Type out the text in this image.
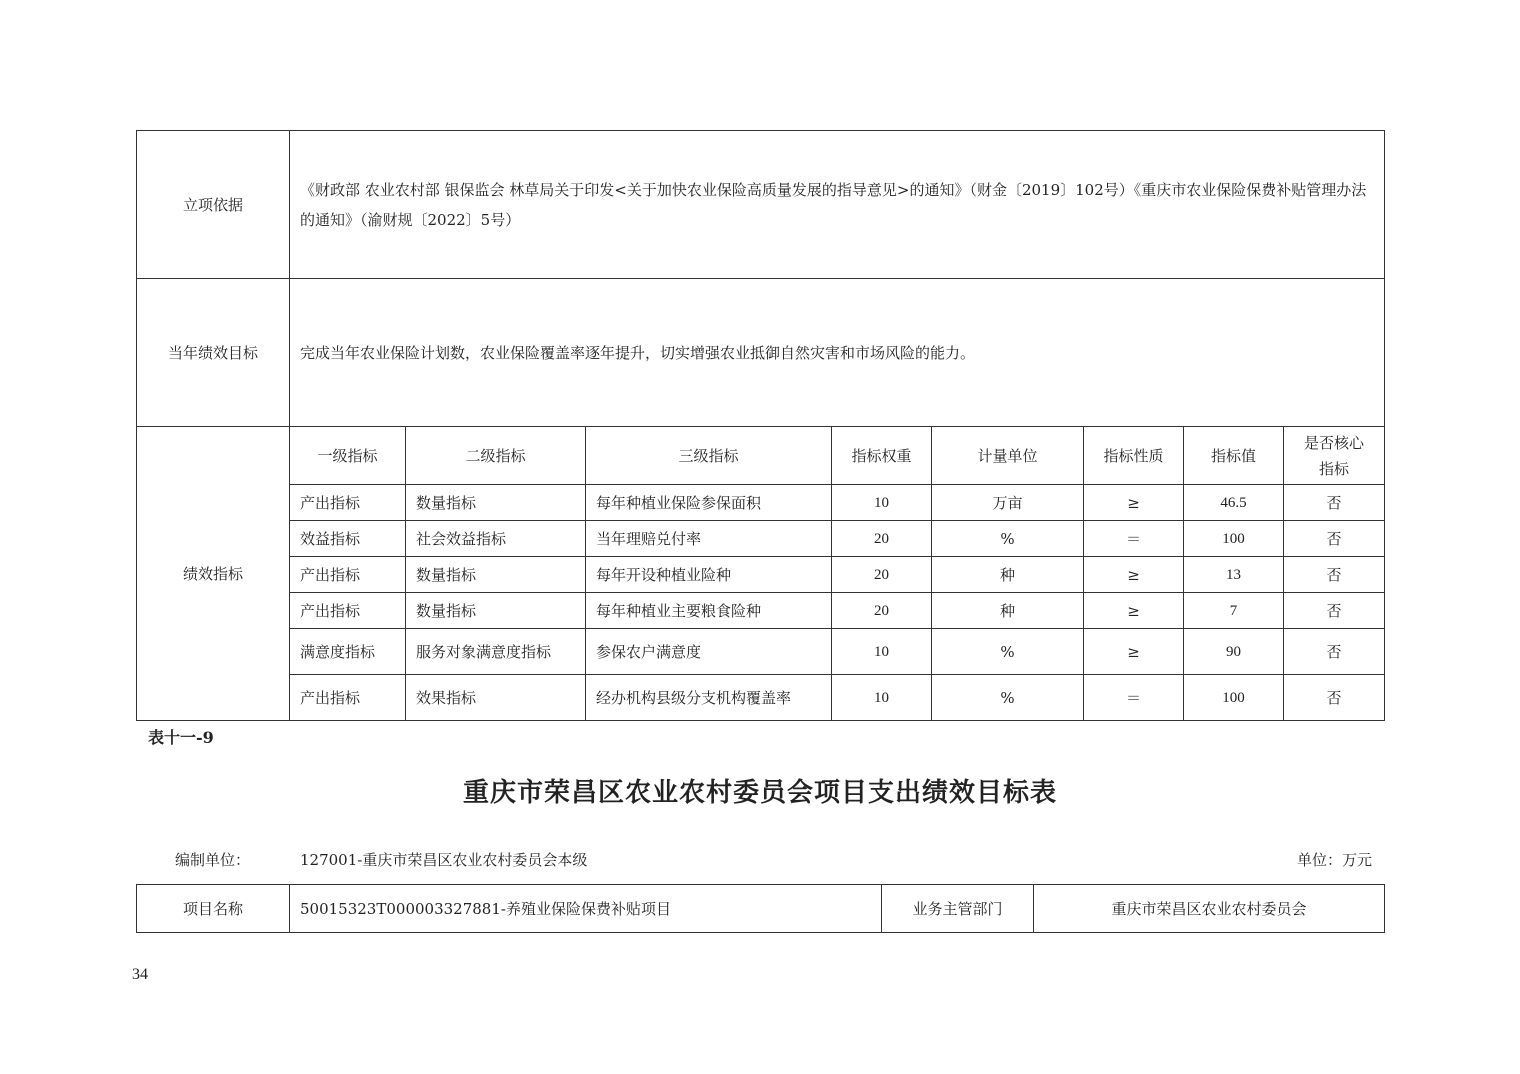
立项依据	《财政部 农业农村部 银保监会 林草局关于印发<关于加快农业保险高质量发展的指导意见>的通知》（财金〔2019〕102号）《重庆市农业保险保费补贴管理办法的通知》（渝财规〔2022〕5号）							
当年绩效目标	完成当年农业保险计划数，农业保险覆盖率逐年提升，切实增强农业抵御自然灾害和市场风险的能力。							
绩效指标	一级指标	二级指标	三级指标	指标权重	计量单位	指标性质	指标值	是否核心指标
	产出指标	数量指标	每年种植业保险参保面积	10	万亩	≥	46.5	否
	效益指标	社会效益指标	当年理赔兑付率	20	%	＝	100	否
	产出指标	数量指标	每年开设种植业险种	20	种	≥	13	否
	产出指标	数量指标	每年种植业主要粮食险种	20	种	≥	7	否
	满意度指标	服务对象满意度指标	参保农户满意度	10	%	≥	90	否
	产出指标	效果指标	经办机构县级分支机构覆盖率	10	%	＝	100	否
表十一-9
重庆市荣昌区农业农村委员会项目支出绩效目标表
编制单位：	127001-重庆市荣昌区农业农村委员会本级	单位：万元
项目名称	50015323T000003327881-养殖业保险保费补贴项目	业务主管部门	重庆市荣昌区农业农村委员会
34
